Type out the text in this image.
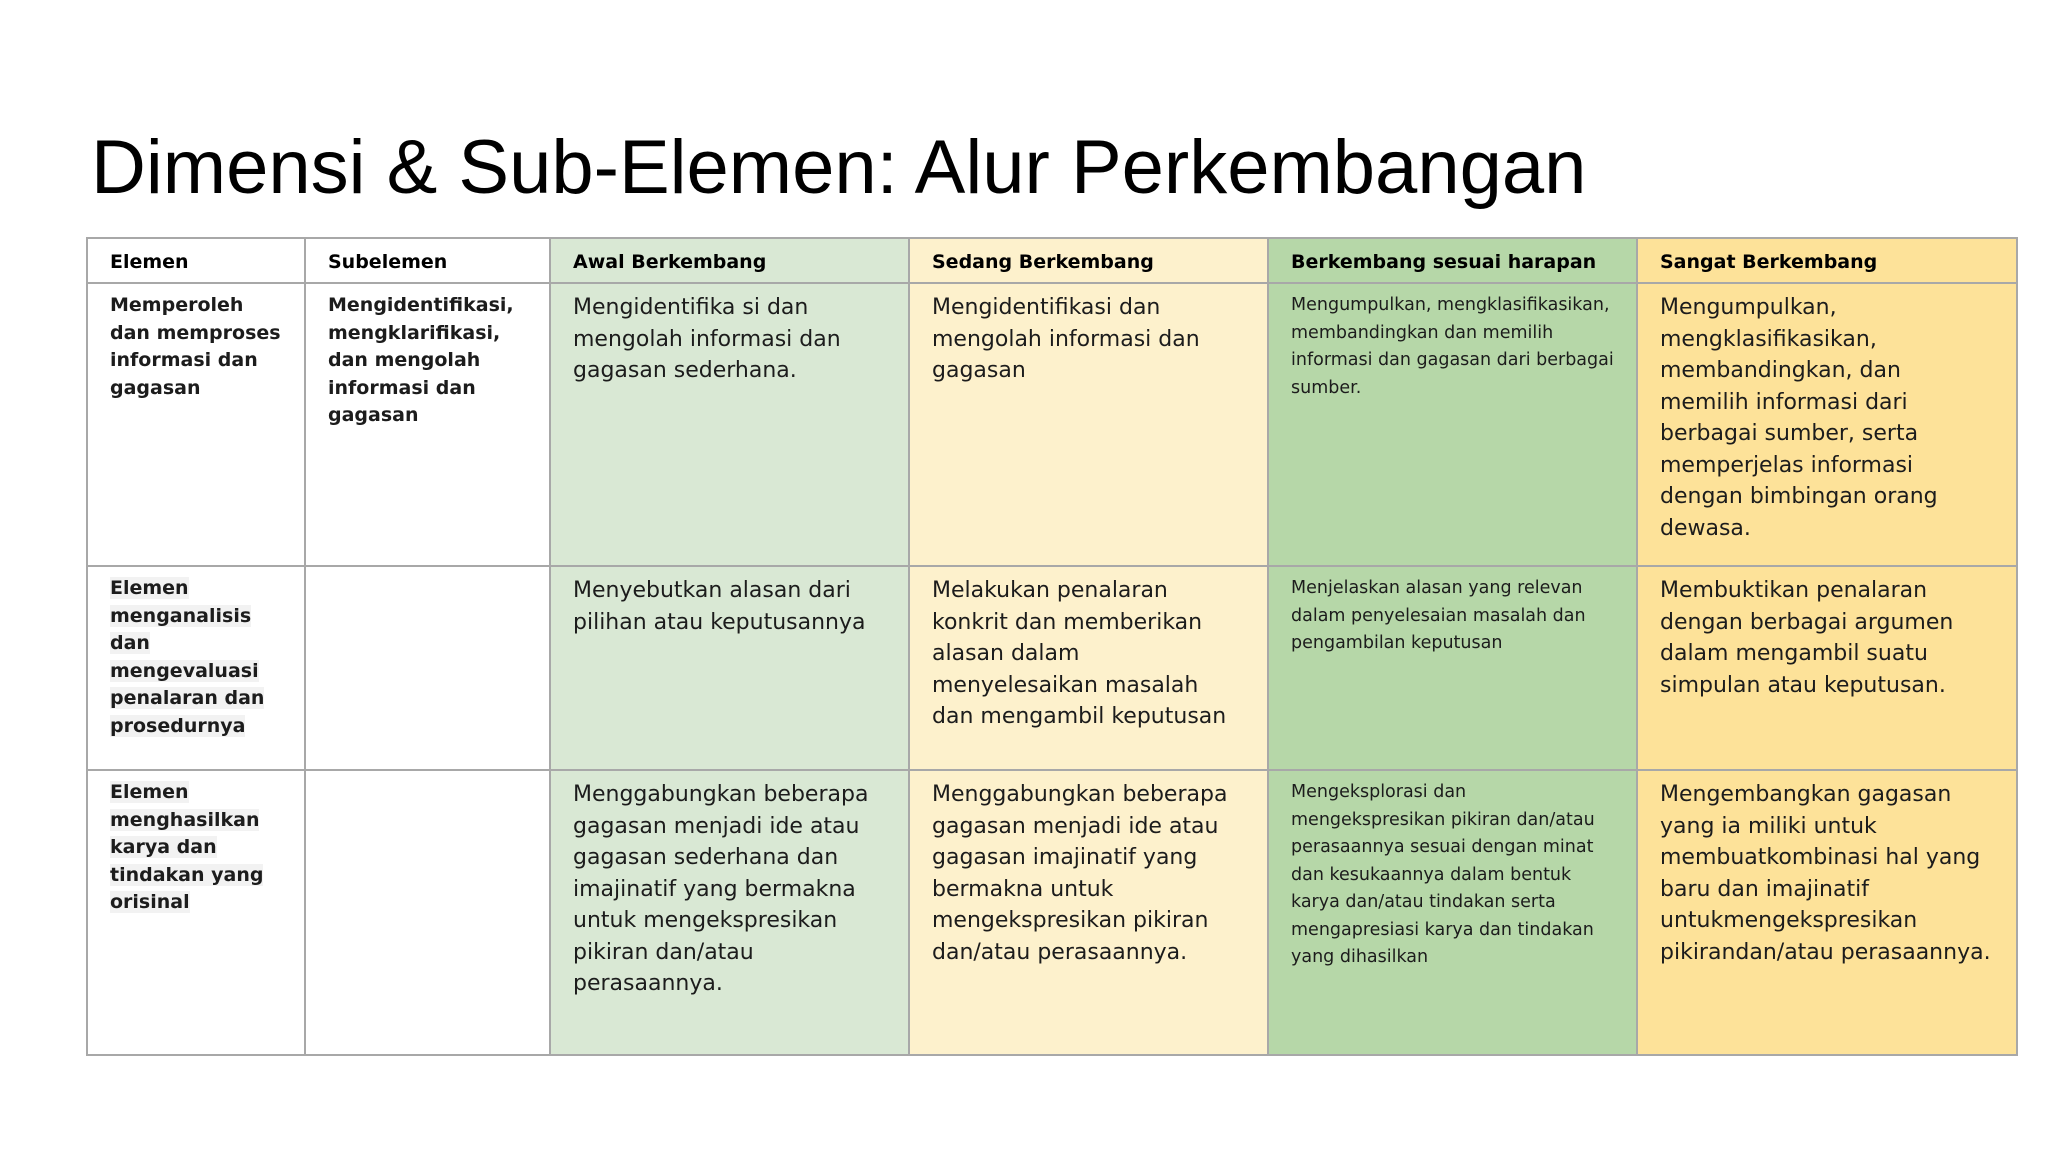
Dimensi & Sub-Elemen: Alur Perkembangan
Elemen	Subelemen	Awal Berkembang	Sedang Berkembang	Berkembang sesuai harapan	Sangat Berkembang
Memperoleh dan memproses informasi dan gagasan	Mengidentifikasi, mengklarifikasi, dan mengolah informasi dan gagasan	Mengidentifika si dan mengolah informasi dan gagasan sederhana.	Mengidentifikasi dan mengolah informasi dan gagasan	Mengumpulkan, mengklasifikasikan, membandingkan dan memilih informasi dan gagasan dari berbagai sumber.	Mengumpulkan, mengklasifikasikan, membandingkan, dan memilih informasi dari berbagai sumber, serta memperjelas informasi dengan bimbingan orang dewasa.
Elemen menganalisis dan mengevaluasi penalaran dan prosedurnya		Menyebutkan alasan dari pilihan atau keputusannya	Melakukan penalaran konkrit dan memberikan alasan dalam menyelesaikan masalah dan mengambil keputusan	Menjelaskan alasan yang relevan dalam penyelesaian masalah dan pengambilan keputusan	Membuktikan penalaran dengan berbagai argumen dalam mengambil suatu simpulan atau keputusan.
Elemen menghasilkan karya dan tindakan yang orisinal		Menggabungkan beberapa gagasan menjadi ide atau gagasan sederhana dan imajinatif yang bermakna untuk mengekspresikan pikiran dan/atau perasaannya.	Menggabungkan beberapa gagasan menjadi ide atau gagasan imajinatif yang bermakna untuk mengekspresikan pikiran dan/atau perasaannya.	Mengeksplorasi dan mengekspresikan pikiran dan/atau perasaannya sesuai dengan minat dan kesukaannya dalam bentuk karya dan/atau tindakan serta mengapresiasi karya dan tindakan yang dihasilkan	Mengembangkan gagasan yang ia miliki untuk membuatkombinasi hal yang baru dan imajinatif untukmengekspresikan pikirandan/atau perasaannya.
